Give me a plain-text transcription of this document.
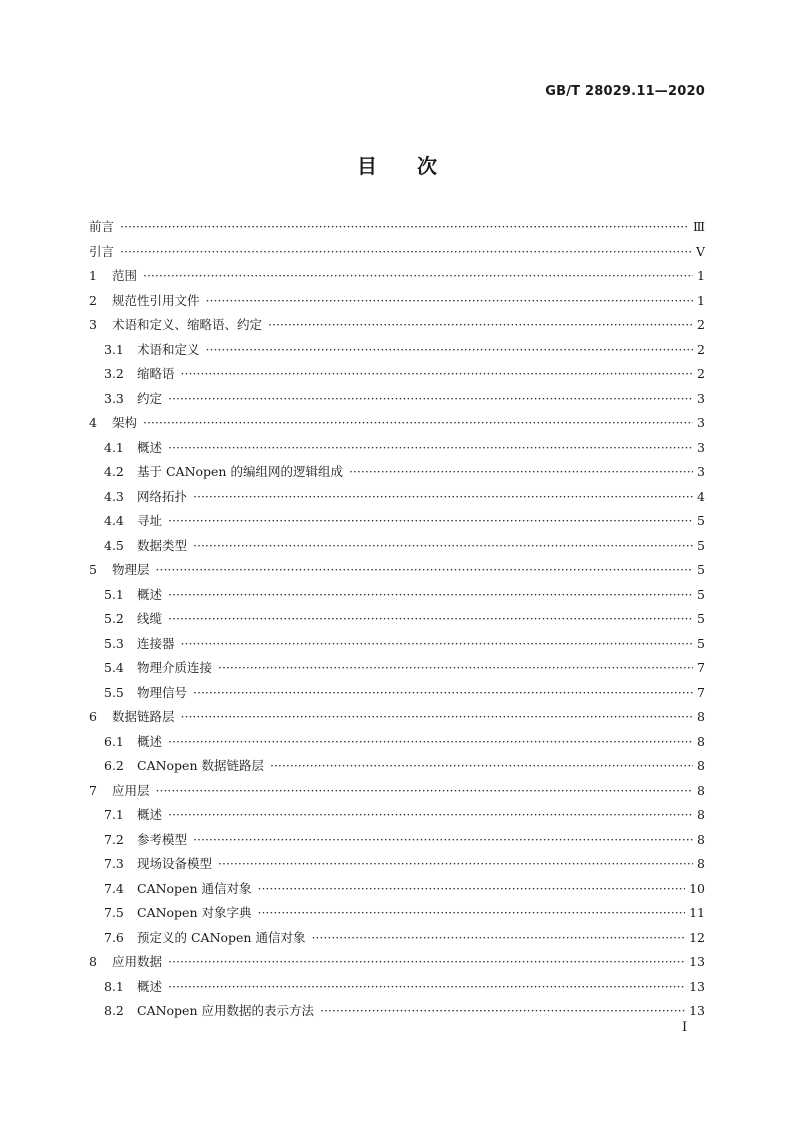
GB/T 28029.11—2020
目次
前言 ·····	Ⅲ
引言 ·····	V
1	范围 ·····	1
2	规范性引用文件 ·····	1
3	术语和定义、缩略语、约定 ·····	2
3.1	术语和定义 ·····	2
3.2	缩略语 ·····	2
3.3	约定 ·····	3
4	架构 ·····	3
4.1	概述 ·····	3
4.2	基于 CANopen 的编组网的逻辑组成 ·····	3
4.3	网络拓扑 ·····	4
4.4	寻址 ·····	5
4.5	数据类型 ·····	5
5	物理层 ·····	5
5.1	概述 ·····	5
5.2	线缆 ·····	5
5.3	连接器 ·····	5
5.4	物理介质连接 ·····	7
5.5	物理信号 ·····	7
6	数据链路层 ·····	8
6.1	概述 ·····	8
6.2	CANopen 数据链路层 ·····	8
7	应用层 ·····	8
7.1	概述 ·····	8
7.2	参考模型 ·····	8
7.3	现场设备模型 ·····	8
7.4	CANopen 通信对象 ·····	10
7.5	CANopen 对象字典 ·····	11
7.6	预定义的 CANopen 通信对象 ·····	12
8	应用数据 ·····	13
8.1	概述 ·····	13
8.2	CANopen 应用数据的表示方法 ·····	13
I
